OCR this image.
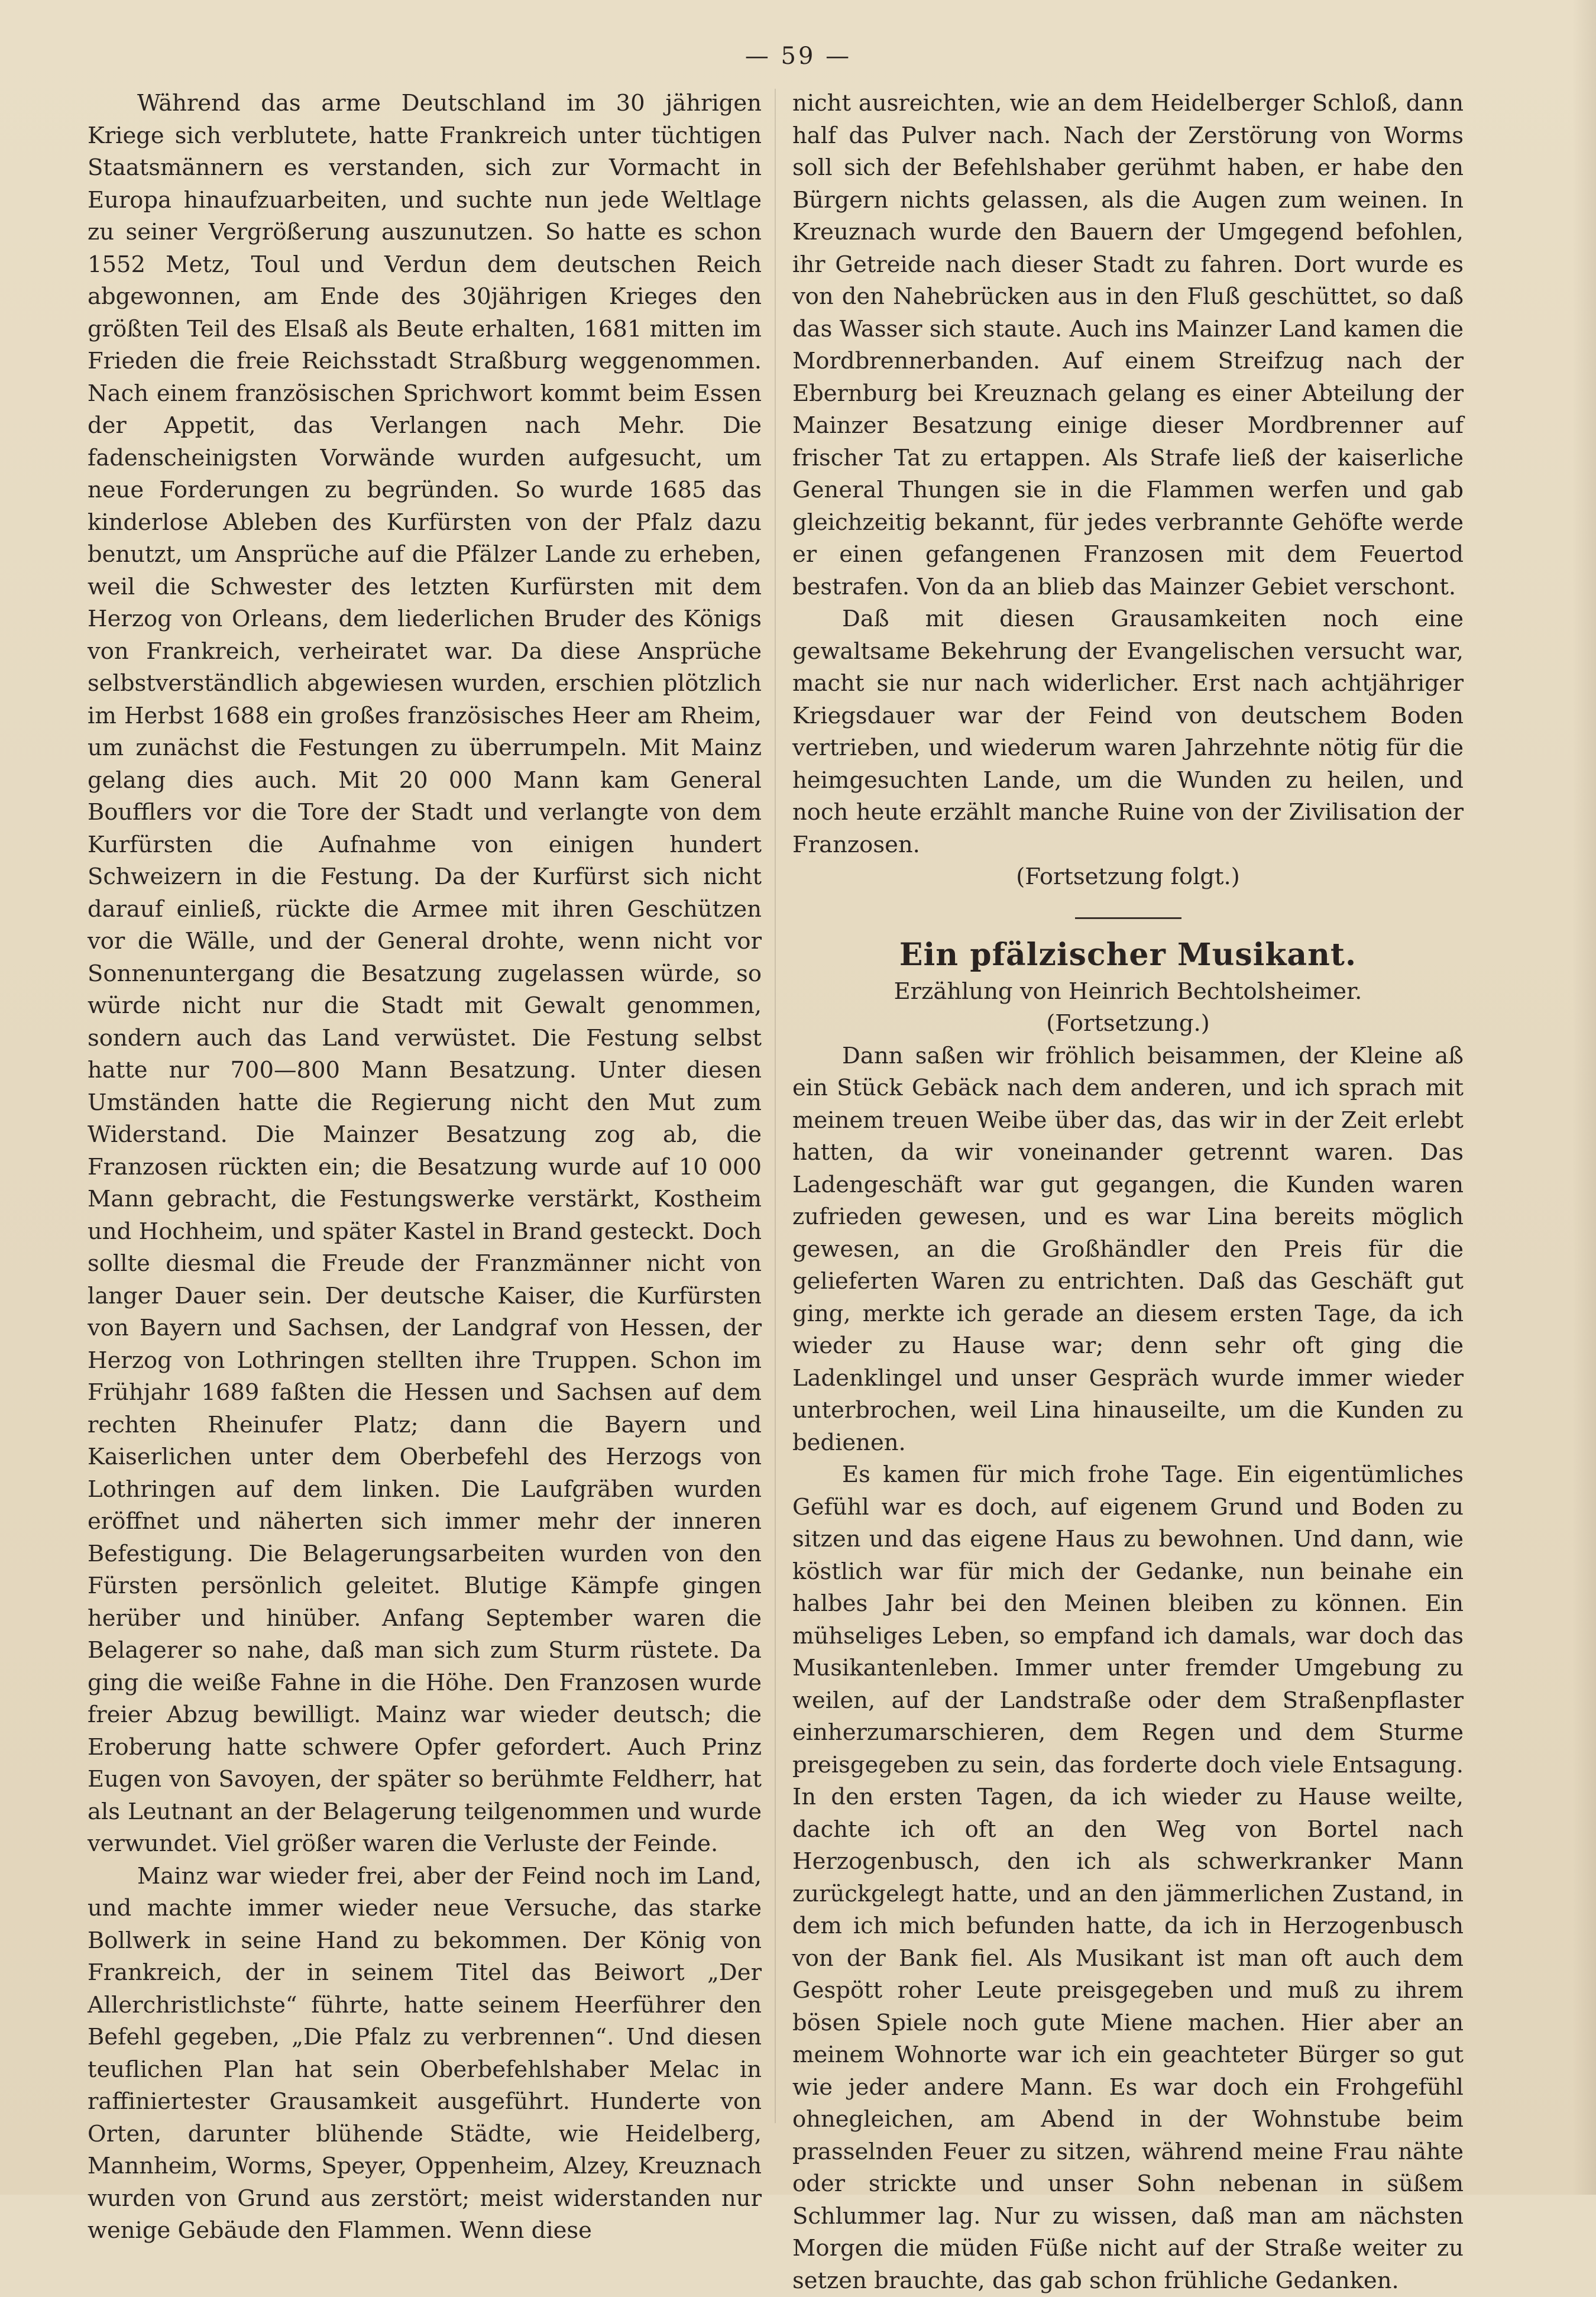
— 59 —

Während das arme Deutschland im 30 jährigen Kriege sich verblutete, hatte Frankreich unter tüchtigen Staatsmännern es verstanden, sich zur Vormacht in Europa hinaufzuarbeiten, und suchte nun jede Weltlage zu seiner Vergrößerung auszunutzen. So hatte es schon 1552 Metz, Toul und Verdun dem deutschen Reich abgewonnen, am Ende des 30jährigen Krieges den größten Teil des Elsaß als Beute erhalten, 1681 mitten im Frieden die freie Reichsstadt Straßburg weggenommen. Nach einem französischen Sprichwort kommt beim Essen der Appetit, das Verlangen nach Mehr. Die fadenscheinigsten Vorwände wurden aufgesucht, um neue Forderungen zu begründen. So wurde 1685 das kinderlose Ableben des Kurfürsten von der Pfalz dazu benutzt, um Ansprüche auf die Pfälzer Lande zu erheben, weil die Schwester des letzten Kurfürsten mit dem Herzog von Orleans, dem liederlichen Bruder des Königs von Frankreich, verheiratet war. Da diese Ansprüche selbstverständlich abgewiesen wurden, erschien plötzlich im Herbst 1688 ein großes französisches Heer am Rheim, um zunächst die Festungen zu überrumpeln. Mit Mainz gelang dies auch. Mit 20 000 Mann kam General Boufflers vor die Tore der Stadt und verlangte von dem Kurfürsten die Aufnahme von einigen hundert Schweizern in die Festung. Da der Kurfürst sich nicht darauf einließ, rückte die Armee mit ihren Geschützen vor die Wälle, und der General drohte, wenn nicht vor Sonnenuntergang die Besatzung zugelassen würde, so würde nicht nur die Stadt mit Gewalt genommen, sondern auch das Land verwüstet. Die Festung selbst hatte nur 700—800 Mann Besatzung. Unter diesen Umständen hatte die Regierung nicht den Mut zum Widerstand. Die Mainzer Besatzung zog ab, die Franzosen rückten ein; die Besatzung wurde auf 10 000 Mann gebracht, die Festungswerke verstärkt, Kostheim und Hochheim, und später Kastel in Brand gesteckt. Doch sollte diesmal die Freude der Franzmänner nicht von langer Dauer sein. Der deutsche Kaiser, die Kurfürsten von Bayern und Sachsen, der Landgraf von Hessen, der Herzog von Lothringen stellten ihre Truppen. Schon im Frühjahr 1689 faßten die Hessen und Sachsen auf dem rechten Rheinufer Platz; dann die Bayern und Kaiserlichen unter dem Oberbefehl des Herzogs von Lothringen auf dem linken. Die Laufgräben wurden eröffnet und näherten sich immer mehr der inneren Befestigung. Die Belagerungsarbeiten wurden von den Fürsten persönlich geleitet. Blutige Kämpfe gingen herüber und hinüber. Anfang September waren die Belagerer so nahe, daß man sich zum Sturm rüstete. Da ging die weiße Fahne in die Höhe. Den Franzosen wurde freier Abzug bewilligt. Mainz war wieder deutsch; die Eroberung hatte schwere Opfer gefordert. Auch Prinz Eugen von Savoyen, der später so berühmte Feldherr, hat als Leutnant an der Belagerung teilgenommen und wurde verwundet. Viel größer waren die Verluste der Feinde.

Mainz war wieder frei, aber der Feind noch im Land, und machte immer wieder neue Versuche, das starke Bollwerk in seine Hand zu bekommen. Der König von Frankreich, der in seinem Titel das Beiwort „Der Allerchristlichste“ führte, hatte seinem Heerführer den Befehl gegeben, „Die Pfalz zu verbrennen“. Und diesen teuflichen Plan hat sein Oberbefehlshaber Melac in raffiniertester Grausamkeit ausgeführt. Hunderte von Orten, darunter blühende Städte, wie Heidelberg, Mannheim, Worms, Speyer, Oppenheim, Alzey, Kreuznach wurden von Grund aus zerstört; meist widerstanden nur wenige Gebäude den Flammen. Wenn diese

nicht ausreichten, wie an dem Heidelberger Schloß, dann half das Pulver nach. Nach der Zerstörung von Worms soll sich der Befehlshaber gerühmt haben, er habe den Bürgern nichts gelassen, als die Augen zum weinen. In Kreuznach wurde den Bauern der Umgegend befohlen, ihr Getreide nach dieser Stadt zu fahren. Dort wurde es von den Nahebrücken aus in den Fluß geschüttet, so daß das Wasser sich staute. Auch ins Mainzer Land kamen die Mordbrennerbanden. Auf einem Streifzug nach der Ebernburg bei Kreuznach gelang es einer Abteilung der Mainzer Besatzung einige dieser Mordbrenner auf frischer Tat zu ertappen. Als Strafe ließ der kaiserliche General Thungen sie in die Flammen werfen und gab gleichzeitig bekannt, für jedes verbrannte Gehöfte werde er einen gefangenen Franzosen mit dem Feuertod bestrafen. Von da an blieb das Mainzer Gebiet verschont.

Daß mit diesen Grausamkeiten noch eine gewaltsame Bekehrung der Evangelischen versucht war, macht sie nur nach widerlicher. Erst nach achtjähriger Kriegsdauer war der Feind von deutschem Boden vertrieben, und wiederum waren Jahrzehnte nötig für die heimgesuchten Lande, um die Wunden zu heilen, und noch heute erzählt manche Ruine von der Zivilisation der Franzosen.

(Fortsetzung folgt.)

Ein pfälzischer Musikant.
Erzählung von Heinrich Bechtolsheimer.
(Fortsetzung.)

Dann saßen wir fröhlich beisammen, der Kleine aß ein Stück Gebäck nach dem anderen, und ich sprach mit meinem treuen Weibe über das, das wir in der Zeit erlebt hatten, da wir voneinander getrennt waren. Das Ladengeschäft war gut gegangen, die Kunden waren zufrieden gewesen, und es war Lina bereits möglich gewesen, an die Großhändler den Preis für die gelieferten Waren zu entrichten. Daß das Geschäft gut ging, merkte ich gerade an diesem ersten Tage, da ich wieder zu Hause war; denn sehr oft ging die Ladenklingel und unser Gespräch wurde immer wieder unterbrochen, weil Lina hinauseilte, um die Kunden zu bedienen.

Es kamen für mich frohe Tage. Ein eigentümliches Gefühl war es doch, auf eigenem Grund und Boden zu sitzen und das eigene Haus zu bewohnen. Und dann, wie köstlich war für mich der Gedanke, nun beinahe ein halbes Jahr bei den Meinen bleiben zu können. Ein mühseliges Leben, so empfand ich damals, war doch das Musikantenleben. Immer unter fremder Umgebung zu weilen, auf der Landstraße oder dem Straßenpflaster einherzumarschieren, dem Regen und dem Sturme preisgegeben zu sein, das forderte doch viele Entsagung. In den ersten Tagen, da ich wieder zu Hause weilte, dachte ich oft an den Weg von Bortel nach Herzogenbusch, den ich als schwerkranker Mann zurückgelegt hatte, und an den jämmerlichen Zustand, in dem ich mich befunden hatte, da ich in Herzogenbusch von der Bank fiel. Als Musikant ist man oft auch dem Gespött roher Leute preisgegeben und muß zu ihrem bösen Spiele noch gute Miene machen. Hier aber an meinem Wohnorte war ich ein geachteter Bürger so gut wie jeder andere Mann. Es war doch ein Frohgefühl ohnegleichen, am Abend in der Wohnstube beim prasselnden Feuer zu sitzen, während meine Frau nähte oder strickte und unser Sohn nebenan in süßem Schlummer lag. Nur zu wissen, daß man am nächsten Morgen die müden Füße nicht auf der Straße weiter zu setzen brauchte, das gab schon frühliche Gedanken.
